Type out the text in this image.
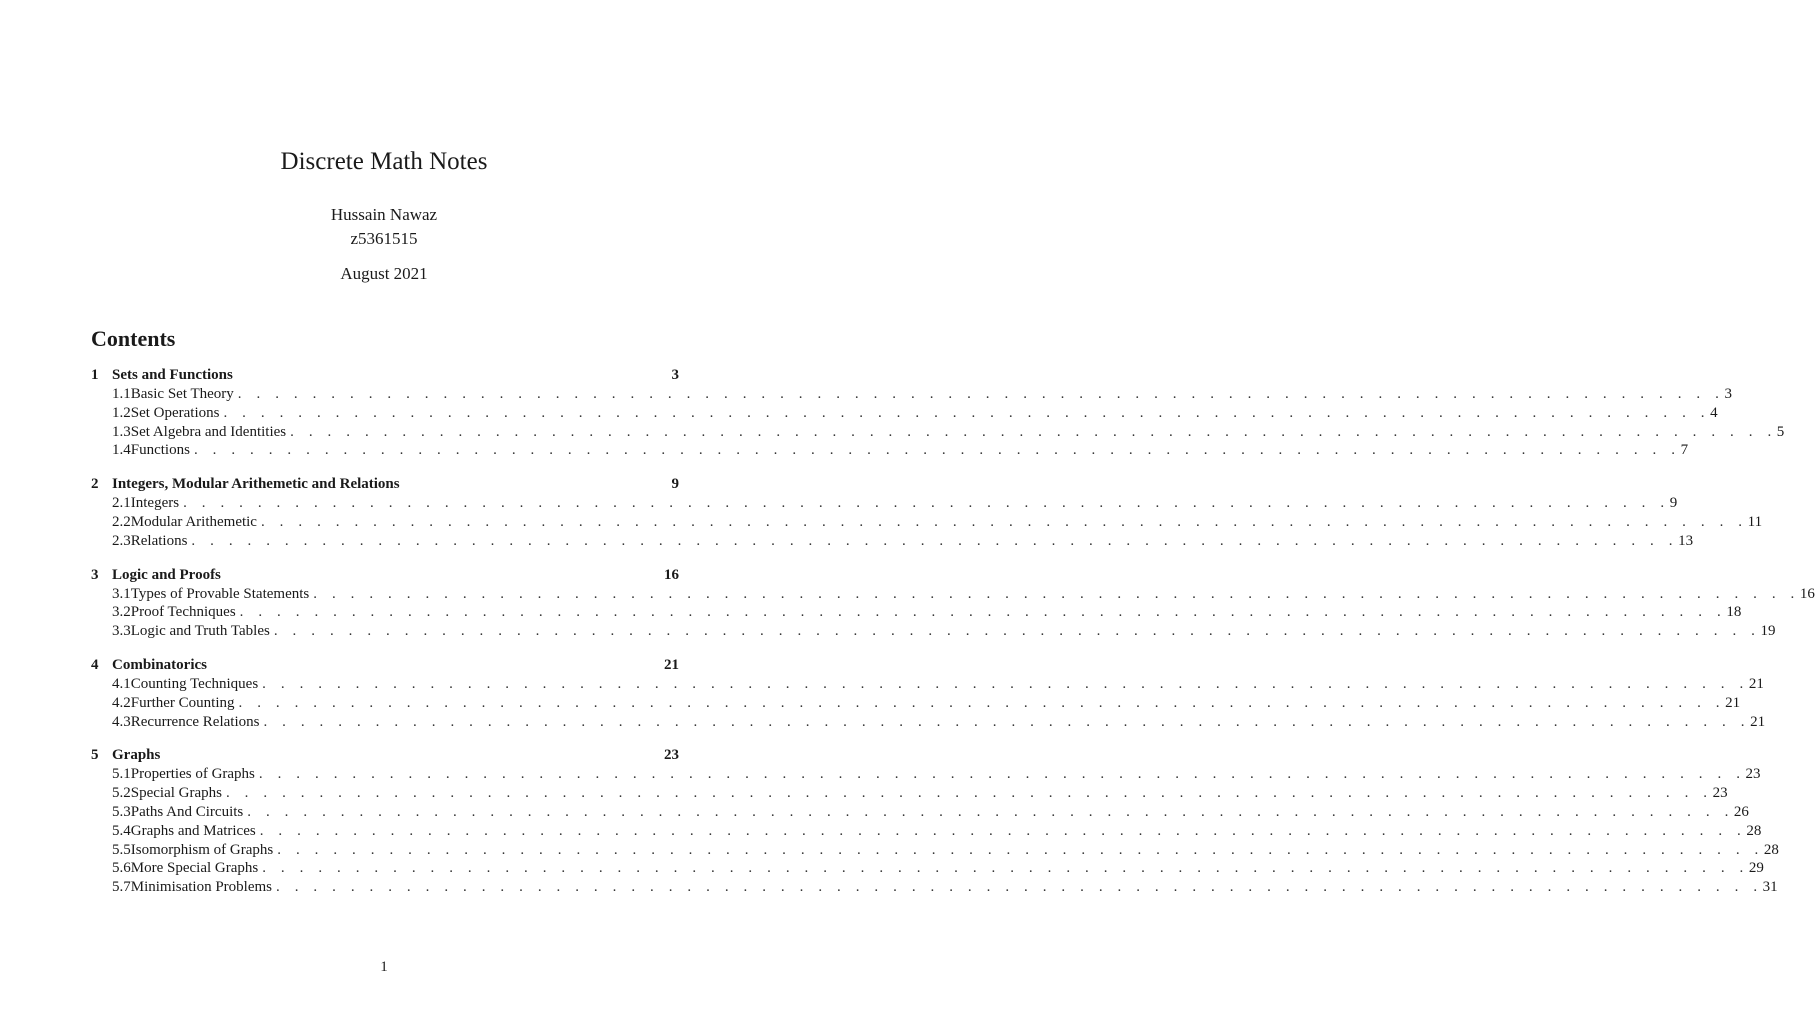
Discrete Math Notes
Hussain Nawaz
z5361515
August 2021
Contents
1 Sets and Functions	3
1.1 Basic Set Theory . . . . . . . . . . . . . . . . . . . . . . . . . . . . . . . . . . . . . . . . . . . . . . . . . . . . . . . . . . . . . . . . . . . . . . . . . . . . . . . . 3
1.2 Set Operations . . . . . . . . . . . . . . . . . . . . . . . . . . . . . . . . . . . . . . . . . . . . . . . . . . . . . . . . . . . . . . . . . . . . . . . . . . . . . . . . 4
1.3 Set Algebra and Identities . . . . . . . . . . . . . . . . . . . . . . . . . . . . . . . . . . . . . . . . . . . . . . . . . . . . . . . . . . . . . . . . . . . . . . . . . . . . . . . . 5
1.4 Functions . . . . . . . . . . . . . . . . . . . . . . . . . . . . . . . . . . . . . . . . . . . . . . . . . . . . . . . . . . . . . . . . . . . . . . . . . . . . . . . . 7
2 Integers, Modular Arithemetic and Relations	9
2.1 Integers . . . . . . . . . . . . . . . . . . . . . . . . . . . . . . . . . . . . . . . . . . . . . . . . . . . . . . . . . . . . . . . . . . . . . . . . . . . . . . . . 9
2.2 Modular Arithemetic . . . . . . . . . . . . . . . . . . . . . . . . . . . . . . . . . . . . . . . . . . . . . . . . . . . . . . . . . . . . . . . . . . . . . . . . . . . . . . . . 11
2.3 Relations . . . . . . . . . . . . . . . . . . . . . . . . . . . . . . . . . . . . . . . . . . . . . . . . . . . . . . . . . . . . . . . . . . . . . . . . . . . . . . . . 13
3 Logic and Proofs	16
3.1 Types of Provable Statements . . . . . . . . . . . . . . . . . . . . . . . . . . . . . . . . . . . . . . . . . . . . . . . . . . . . . . . . . . . . . . . . . . . . . . . . . . . . . . . . 16
3.2 Proof Techniques . . . . . . . . . . . . . . . . . . . . . . . . . . . . . . . . . . . . . . . . . . . . . . . . . . . . . . . . . . . . . . . . . . . . . . . . . . . . . . . . 18
3.3 Logic and Truth Tables . . . . . . . . . . . . . . . . . . . . . . . . . . . . . . . . . . . . . . . . . . . . . . . . . . . . . . . . . . . . . . . . . . . . . . . . . . . . . . . . 19
4 Combinatorics	21
4.1 Counting Techniques . . . . . . . . . . . . . . . . . . . . . . . . . . . . . . . . . . . . . . . . . . . . . . . . . . . . . . . . . . . . . . . . . . . . . . . . . . . . . . . . 21
4.2 Further Counting . . . . . . . . . . . . . . . . . . . . . . . . . . . . . . . . . . . . . . . . . . . . . . . . . . . . . . . . . . . . . . . . . . . . . . . . . . . . . . . . 21
4.3 Recurrence Relations . . . . . . . . . . . . . . . . . . . . . . . . . . . . . . . . . . . . . . . . . . . . . . . . . . . . . . . . . . . . . . . . . . . . . . . . . . . . . . . . 21
5 Graphs	23
5.1 Properties of Graphs . . . . . . . . . . . . . . . . . . . . . . . . . . . . . . . . . . . . . . . . . . . . . . . . . . . . . . . . . . . . . . . . . . . . . . . . . . . . . . . . 23
5.2 Special Graphs . . . . . . . . . . . . . . . . . . . . . . . . . . . . . . . . . . . . . . . . . . . . . . . . . . . . . . . . . . . . . . . . . . . . . . . . . . . . . . . . 23
5.3 Paths And Circuits . . . . . . . . . . . . . . . . . . . . . . . . . . . . . . . . . . . . . . . . . . . . . . . . . . . . . . . . . . . . . . . . . . . . . . . . . . . . . . . . 26
5.4 Graphs and Matrices . . . . . . . . . . . . . . . . . . . . . . . . . . . . . . . . . . . . . . . . . . . . . . . . . . . . . . . . . . . . . . . . . . . . . . . . . . . . . . . . 28
5.5 Isomorphism of Graphs . . . . . . . . . . . . . . . . . . . . . . . . . . . . . . . . . . . . . . . . . . . . . . . . . . . . . . . . . . . . . . . . . . . . . . . . . . . . . . . . 28
5.6 More Special Graphs . . . . . . . . . . . . . . . . . . . . . . . . . . . . . . . . . . . . . . . . . . . . . . . . . . . . . . . . . . . . . . . . . . . . . . . . . . . . . . . . 29
5.7 Minimisation Problems . . . . . . . . . . . . . . . . . . . . . . . . . . . . . . . . . . . . . . . . . . . . . . . . . . . . . . . . . . . . . . . . . . . . . . . . . . . . . . . . 31
1
